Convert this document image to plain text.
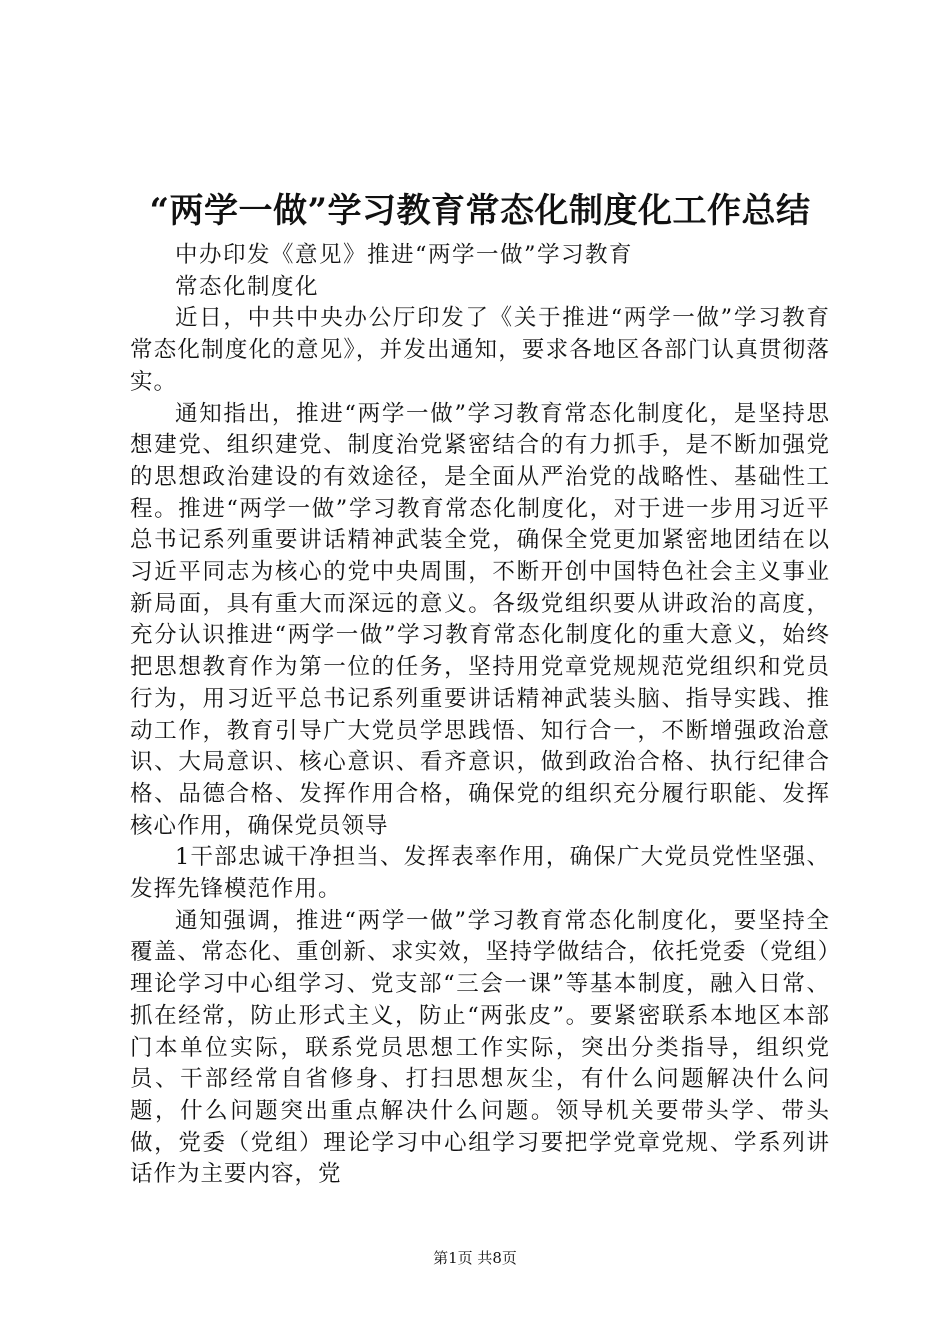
“两学一做”学习教育常态化制度化工作总结

中办印发《意见》推进“两学一做”学习教育

常态化制度化

近日，中共中央办公厅印发了《关于推进“两学一做”学习教育常态化制度化的意见》，并发出通知，要求各地区各部门认真贯彻落实。

通知指出，推进“两学一做”学习教育常态化制度化，是坚持思想建党、组织建党、制度治党紧密结合的有力抓手，是不断加强党的思想政治建设的有效途径，是全面从严治党的战略性、基础性工程。推进“两学一做”学习教育常态化制度化，对于进一步用习近平总书记系列重要讲话精神武装全党，确保全党更加紧密地团结在以习近平同志为核心的党中央周围，不断开创中国特色社会主义事业新局面，具有重大而深远的意义。各级党组织要从讲政治的高度，充分认识推进“两学一做”学习教育常态化制度化的重大意义，始终把思想教育作为第一位的任务，坚持用党章党规规范党组织和党员行为，用习近平总书记系列重要讲话精神武装头脑、指导实践、推动工作，教育引导广大党员学思践悟、知行合一，不断增强政治意识、大局意识、核心意识、看齐意识，做到政治合格、执行纪律合格、品德合格、发挥作用合格，确保党的组织充分履行职能、发挥核心作用，确保党员领导

1干部忠诚干净担当、发挥表率作用，确保广大党员党性坚强、发挥先锋模范作用。

通知强调，推进“两学一做”学习教育常态化制度化，要坚持全覆盖、常态化、重创新、求实效，坚持学做结合，依托党委（党组）理论学习中心组学习、党支部“三会一课”等基本制度，融入日常、抓在经常，防止形式主义，防止“两张皮”。要紧密联系本地区本部门本单位实际，联系党员思想工作实际，突出分类指导，组织党员、干部经常自省修身、打扫思想灰尘，有什么问题解决什么问题，什么问题突出重点解决什么问题。领导机关要带头学、带头做，党委（党组）理论学习中心组学习要把学党章党规、学系列讲话作为主要内容，党

第1页 共8页
